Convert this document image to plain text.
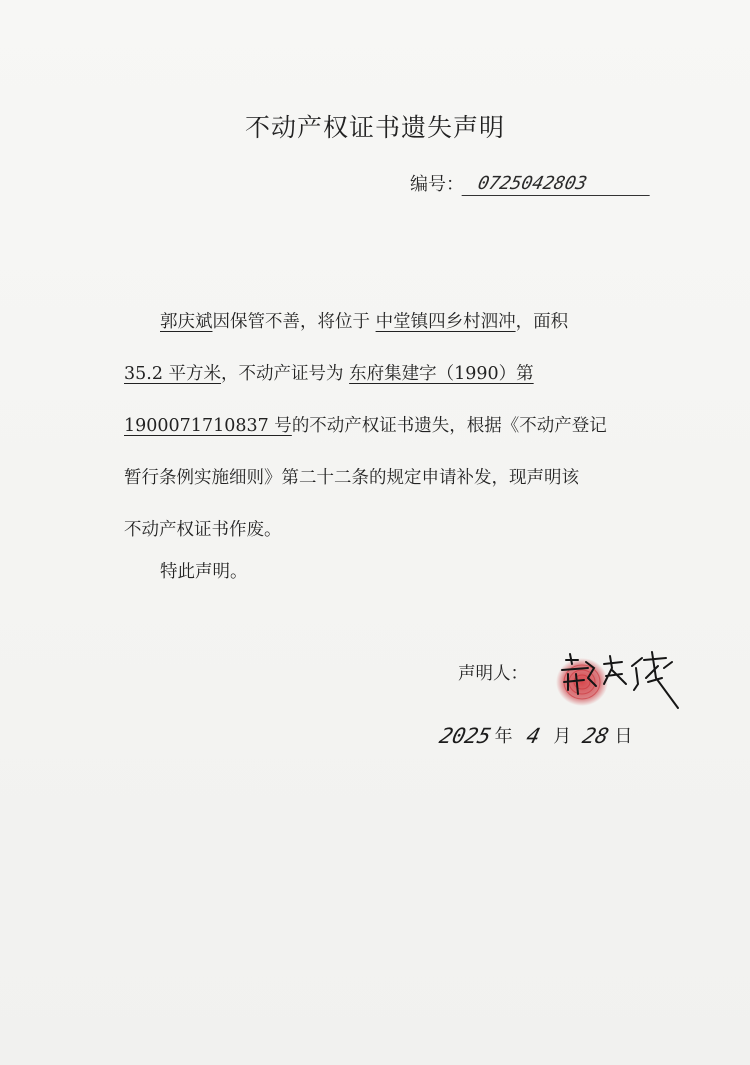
不动产权证书遗失声明
编号： 0725042803

郭庆斌因保管不善，将位于 中堂镇四乡村泗冲，面积

35.2 平方米，不动产证号为 东府集建字（1990）第

1900071710837 号的不动产权证书遗失，根据《不动产登记

暂行条例实施细则》第二十二条的规定申请补发，现声明该

不动产权证书作废。

特此声明。
声明人：
2025 年 4 月 28 日
